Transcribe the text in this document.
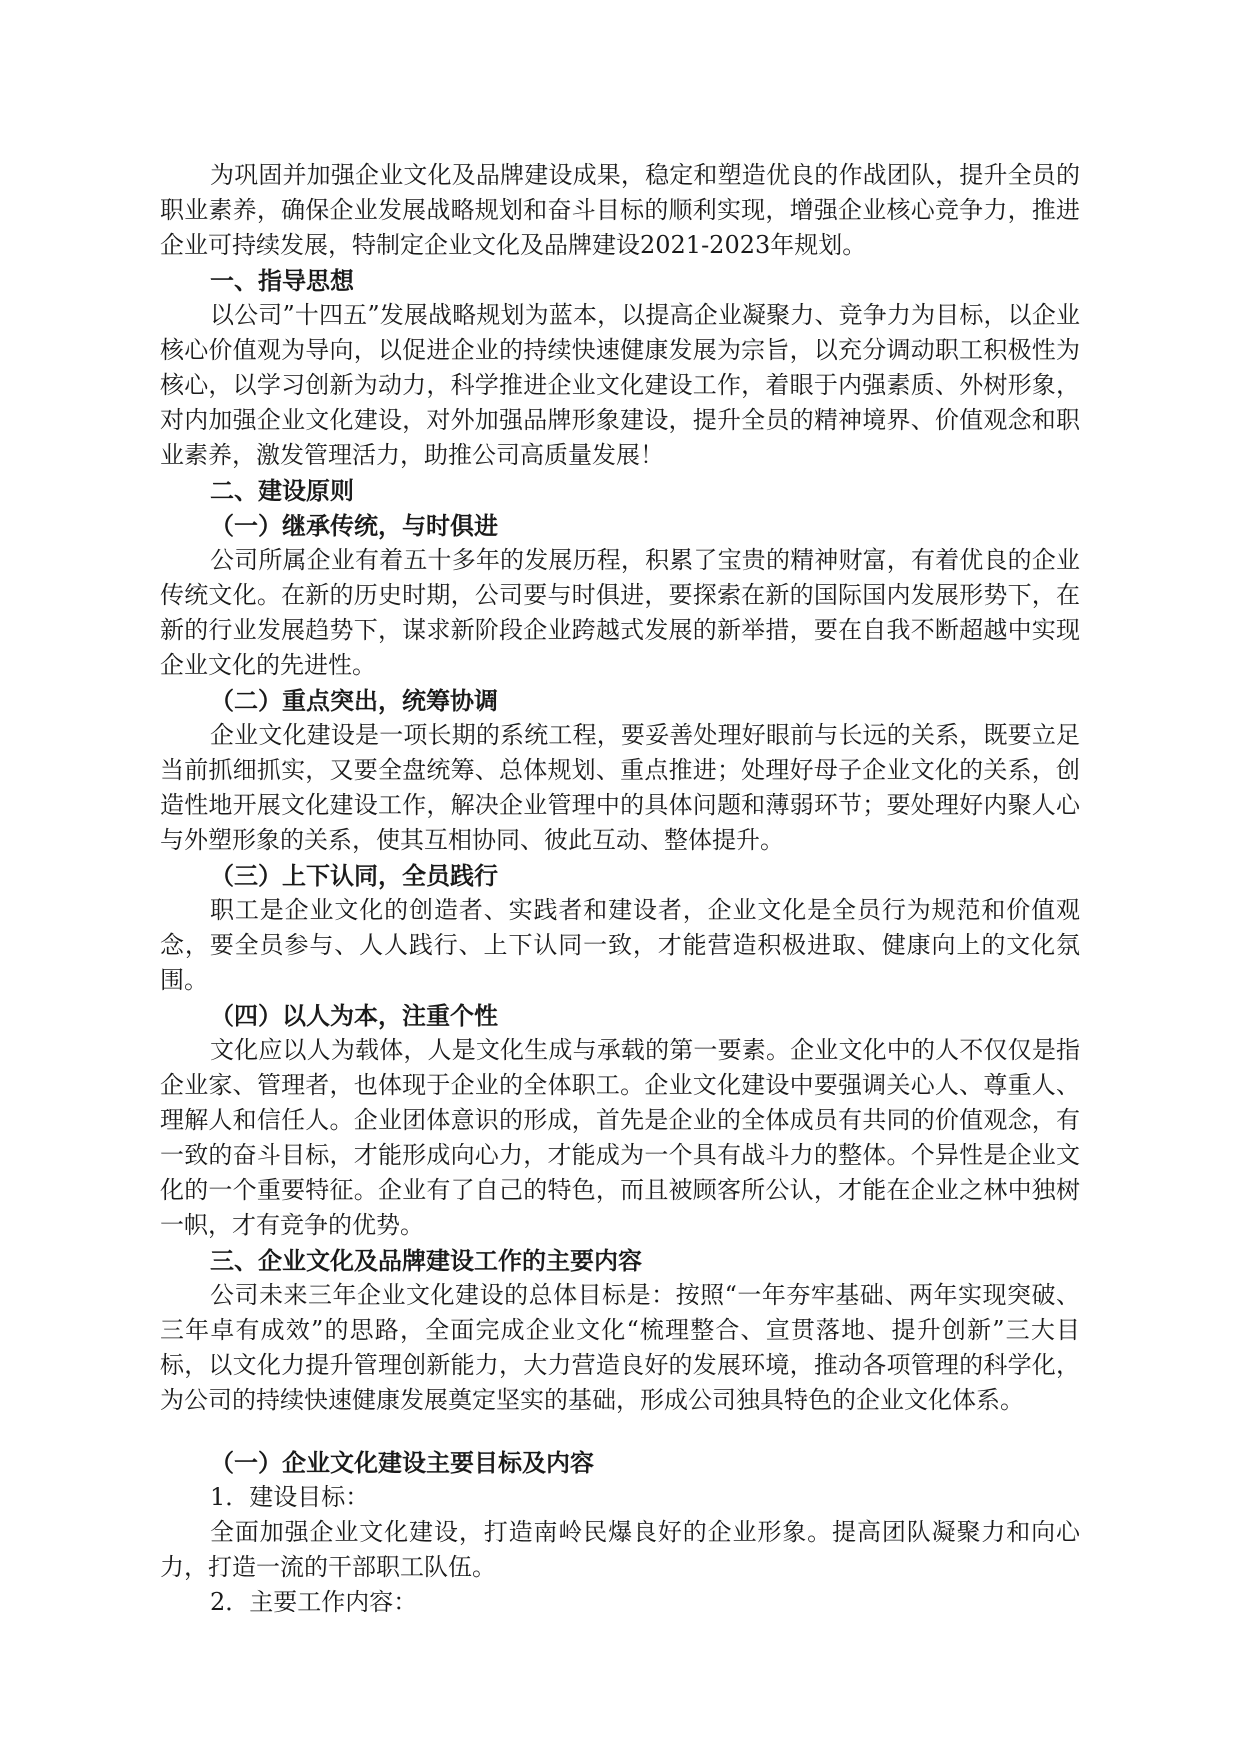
为巩固并加强企业文化及品牌建设成果，稳定和塑造优良的作战团队，提升全员的职业素养，确保企业发展战略规划和奋斗目标的顺利实现，增强企业核心竞争力，推进企业可持续发展，特制定企业文化及品牌建设2021-2023年规划。

一、指导思想

以公司”十四五”发展战略规划为蓝本，以提高企业凝聚力、竞争力为目标，以企业核心价值观为导向，以促进企业的持续快速健康发展为宗旨，以充分调动职工积极性为核心，以学习创新为动力，科学推进企业文化建设工作，着眼于内强素质、外树形象，对内加强企业文化建设，对外加强品牌形象建设，提升全员的精神境界、价值观念和职业素养，激发管理活力，助推公司高质量发展！

二、建设原则
（一）继承传统，与时俱进

公司所属企业有着五十多年的发展历程，积累了宝贵的精神财富，有着优良的企业传统文化。在新的历史时期，公司要与时俱进，要探索在新的国际国内发展形势下，在新的行业发展趋势下，谋求新阶段企业跨越式发展的新举措，要在自我不断超越中实现企业文化的先进性。

（二）重点突出，统筹协调

企业文化建设是一项长期的系统工程，要妥善处理好眼前与长远的关系，既要立足当前抓细抓实，又要全盘统筹、总体规划、重点推进；处理好母子企业文化的关系，创造性地开展文化建设工作，解决企业管理中的具体问题和薄弱环节；要处理好内聚人心与外塑形象的关系，使其互相协同、彼此互动、整体提升。

（三）上下认同，全员践行

职工是企业文化的创造者、实践者和建设者，企业文化是全员行为规范和价值观念，要全员参与、人人践行、上下认同一致，才能营造积极进取、健康向上的文化氛围。

（四）以人为本，注重个性

文化应以人为载体，人是文化生成与承载的第一要素。企业文化中的人不仅仅是指企业家、管理者，也体现于企业的全体职工。企业文化建设中要强调关心人、尊重人、理解人和信任人。企业团体意识的形成，首先是企业的全体成员有共同的价值观念，有一致的奋斗目标，才能形成向心力，才能成为一个具有战斗力的整体。个异性是企业文化的一个重要特征。企业有了自己的特色，而且被顾客所公认，才能在企业之林中独树一帜，才有竞争的优势。

三、企业文化及品牌建设工作的主要内容

公司未来三年企业文化建设的总体目标是：按照“一年夯牢基础、两年实现突破、三年卓有成效”的思路，全面完成企业文化“梳理整合、宣贯落地、提升创新”三大目标，以文化力提升管理创新能力，大力营造良好的发展环境，推动各项管理的科学化，为公司的持续快速健康发展奠定坚实的基础，形成公司独具特色的企业文化体系。

（一）企业文化建设主要目标及内容

1．建设目标：

全面加强企业文化建设，打造南岭民爆良好的企业形象。提高团队凝聚力和向心力，打造一流的干部职工队伍。

2．主要工作内容：
